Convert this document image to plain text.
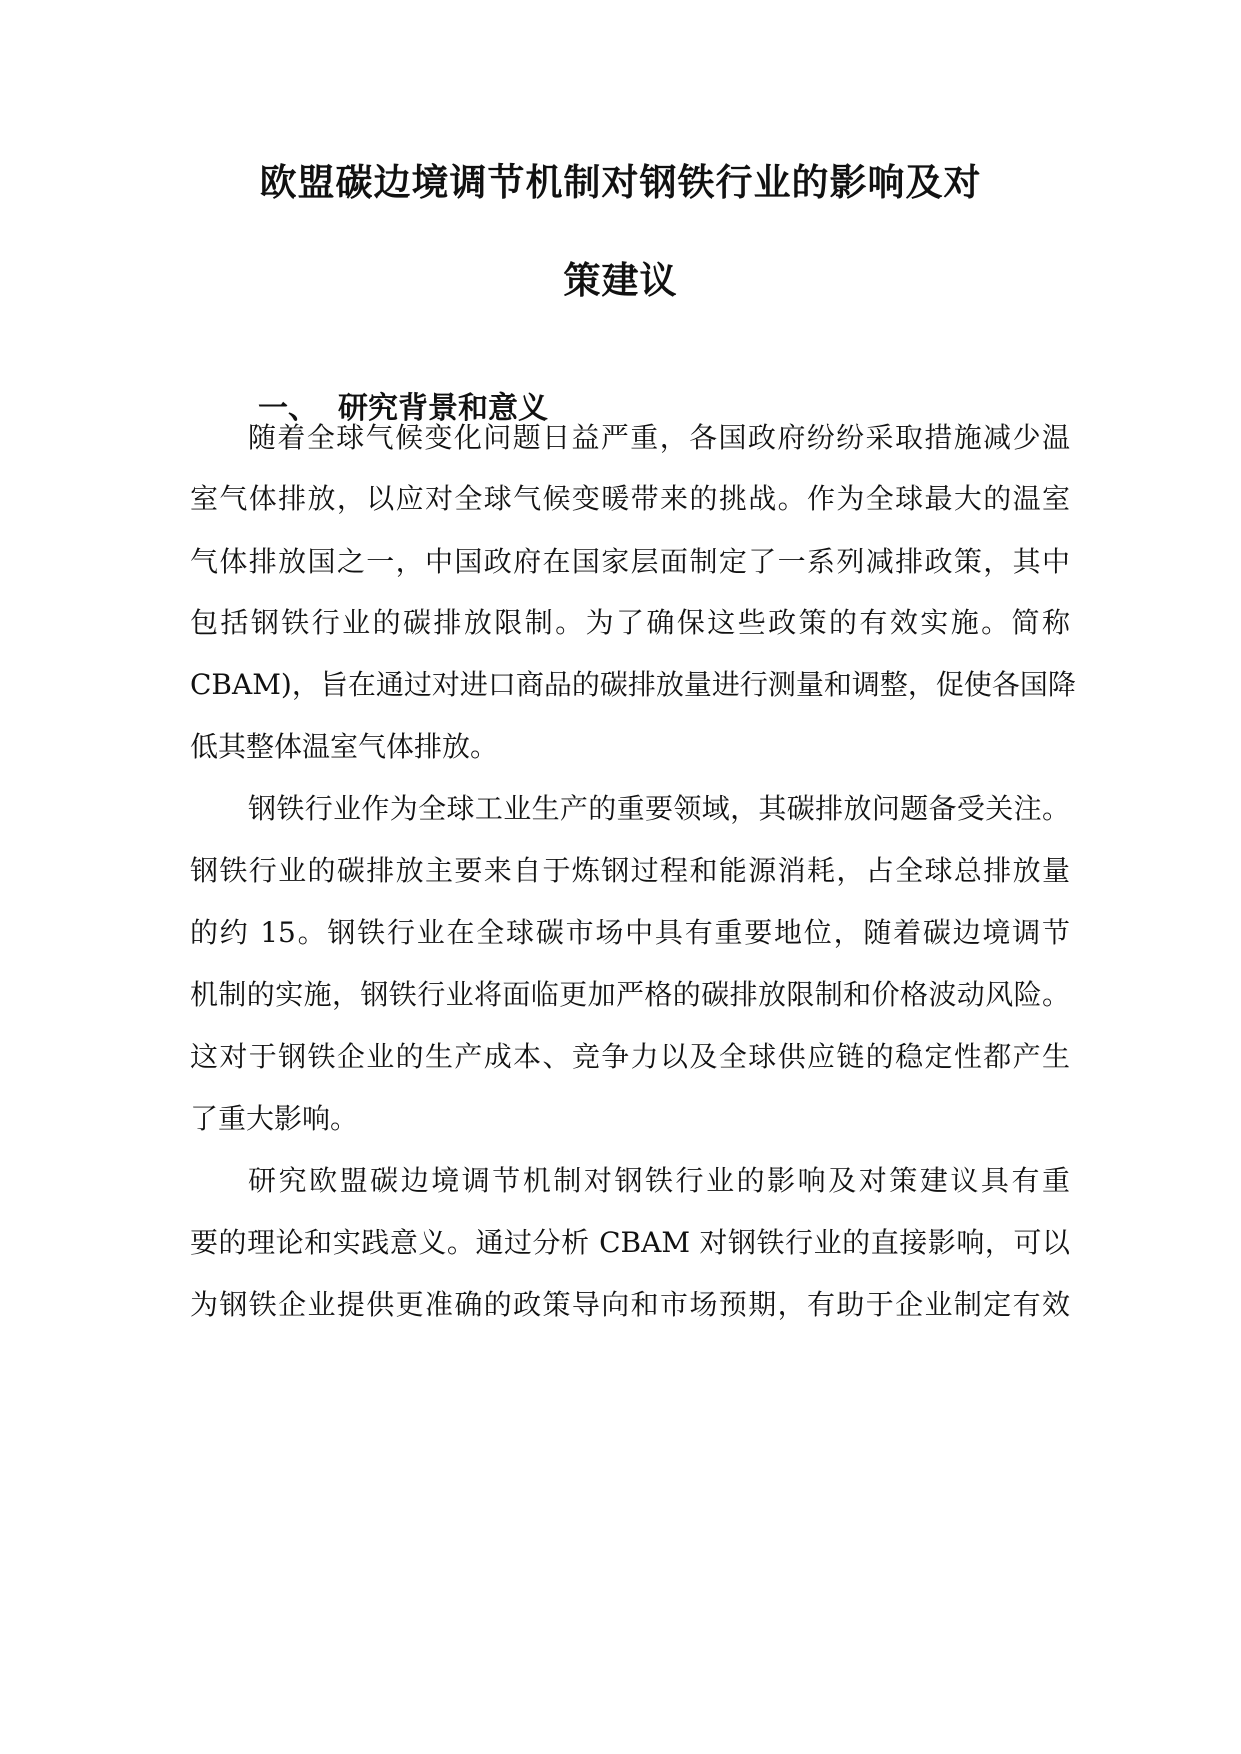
欧盟碳边境调节机制对钢铁行业的影响及对
策建议
一、 研究背景和意义
随着全球气候变化问题日益严重，各国政府纷纷采取措施减少温
室气体排放，以应对全球气候变暖带来的挑战。作为全球最大的温室
气体排放国之一，中国政府在国家层面制定了一系列减排政策，其中
包括钢铁行业的碳排放限制。为了确保这些政策的有效实施。简称
CBAM)，旨在通过对进口商品的碳排放量进行测量和调整，促使各国降
低其整体温室气体排放。
钢铁行业作为全球工业生产的重要领域，其碳排放问题备受关注。
钢铁行业的碳排放主要来自于炼钢过程和能源消耗，占全球总排放量
的约 15。钢铁行业在全球碳市场中具有重要地位，随着碳边境调节
机制的实施，钢铁行业将面临更加严格的碳排放限制和价格波动风险。
这对于钢铁企业的生产成本、竞争力以及全球供应链的稳定性都产生
了重大影响。
研究欧盟碳边境调节机制对钢铁行业的影响及对策建议具有重
要的理论和实践意义。通过分析 CBAM 对钢铁行业的直接影响，可以
为钢铁企业提供更准确的政策导向和市场预期，有助于企业制定有效
